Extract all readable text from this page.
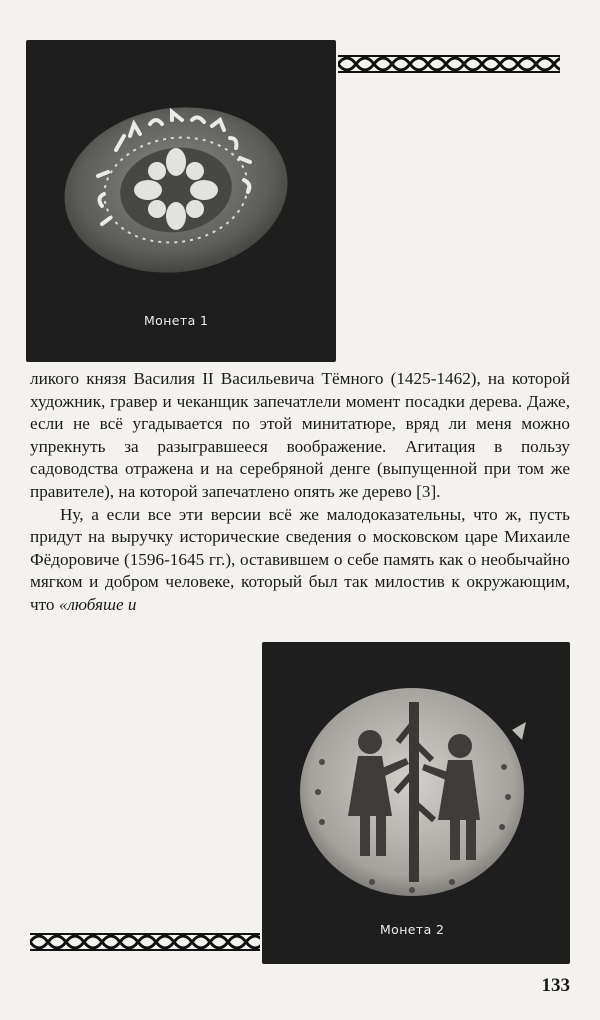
Монета 1

ликого князя Василия II Васильевича Тёмного (1425-1462), на которой художник, гравер и чеканщик запечатлели момент посадки дерева. Даже, если не всё угадывается по этой минитатюре, вряд ли меня можно упрекнуть за разыгравшееся воображение. Агитация в пользу садоводства отражена и на серебряной денге (выпущенной при том же правителе), на которой запечатлено опять же дерево [3].

Ну, а если все эти версии всё же малодоказательны, что ж, пусть придут на выручку исторические сведения о московском царе Михаиле Фёдоровиче (1596-1645 гг.), оставившем о себе память как о необычайно мягком и добром человеке, который был так милостив к окружающим, что «любяше и

Монета 2
133
